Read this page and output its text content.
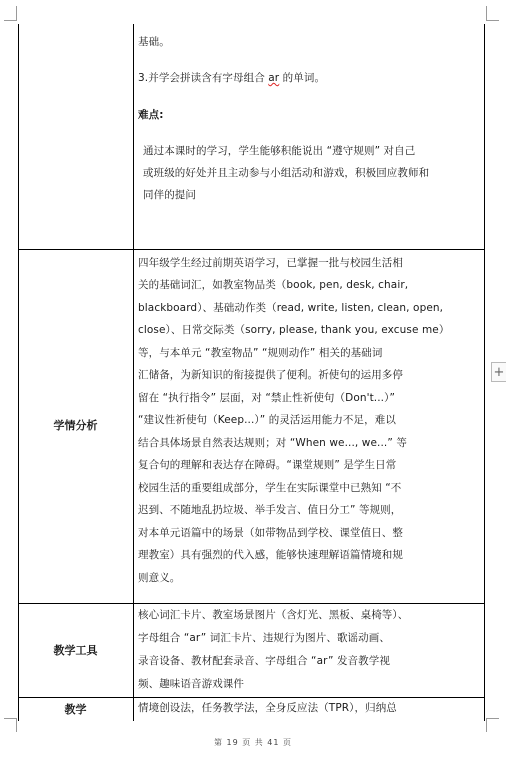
基础。
3.并学会拼读含有字母组合 ar 的单词。
难点:
通过本课时的学习，学生能够积能说出 “遵守规则” 对自己
或班级的好处并且主动参与小组活动和游戏，积极回应教师和
同伴的提问
学情分析
四年级学生经过前期英语学习，已掌握一批与校园生活相
关的基础词汇，如教室物品类（book, pen, desk, chair,
blackboard）、基础动作类（read, write, listen, clean, open,
close）、日常交际类（sorry, please, thank you, excuse me）
等，与本单元 “教室物品” “规则动作” 相关的基础词
汇储备，为新知识的衔接提供了便利。祈使句的运用多停
留在 “执行指令” 层面，对 “禁止性祈使句（Don't...）”
“建议性祈使句（Keep...）” 的灵活运用能力不足，难以
结合具体场景自然表达规则；对 “When we..., we...” 等
复合句的理解和表达存在障碍。“课堂规则” 是学生日常
校园生活的重要组成部分，学生在实际课堂中已熟知 “不
迟到、不随地乱扔垃圾、举手发言、值日分工” 等规则，
对本单元语篇中的场景（如带物品到学校、课堂值日、整
理教室）具有强烈的代入感，能够快速理解语篇情境和规
则意义。
教学工具
核心词汇卡片、教室场景图片（含灯光、黑板、桌椅等）、
字母组合 “ar” 词汇卡片、违规行为图片、歌谣动画、
录音设备、教材配套录音、字母组合 “ar” 发音教学视
频、趣味语音游戏课件
教学	情境创设法，任务教学法，全身反应法（TPR），归纳总
+
第 19 页 共 41 页
